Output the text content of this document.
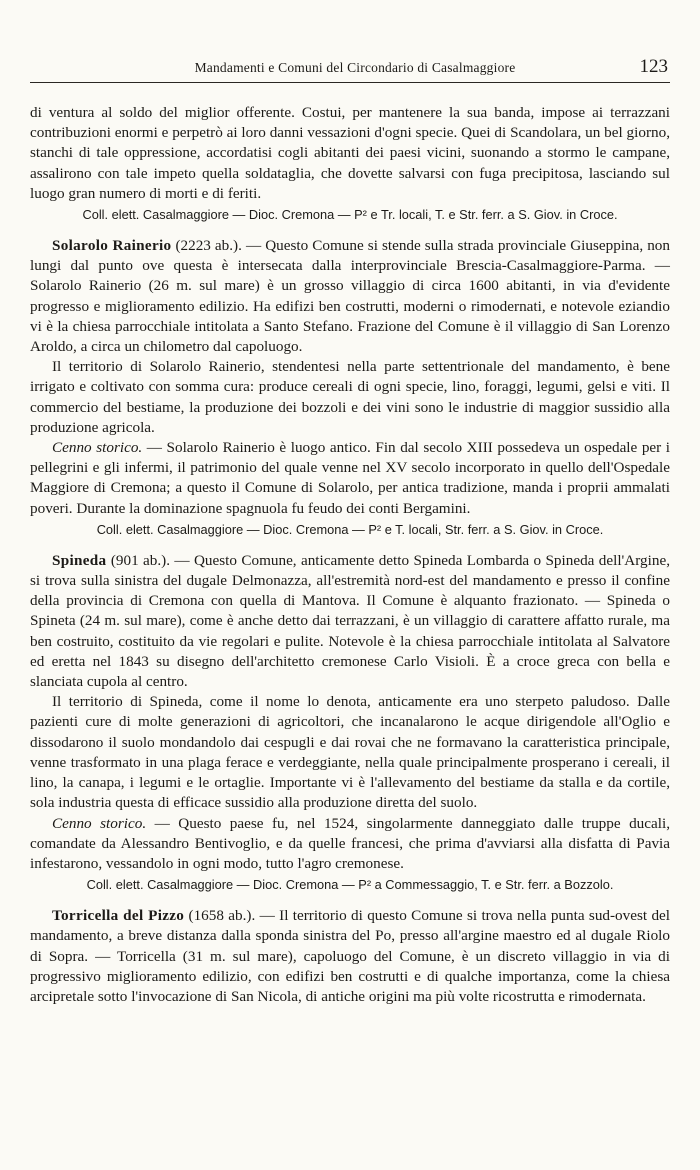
Mandamenti e Comuni del Circondario di Casalmaggiore	123

di ventura al soldo del miglior offerente. Costui, per mantenere la sua banda, impose ai terrazzani contribuzioni enormi e perpetrò ai loro danni vessazioni d'ogni specie. Quei di Scandolara, un bel giorno, stanchi di tale oppressione, accordatisi cogli abitanti dei paesi vicini, suonando a stormo le campane, assalirono con tale impeto quella soldataglia, che dovette salvarsi con fuga precipitosa, lasciando sul luogo gran numero di morti e di feriti.

Coll. elett. Casalmaggiore — Dioc. Cremona — P² e Tr. locali, T. e Str. ferr. a S. Giov. in Croce.

Solarolo Rainerio (2223 ab.). — Questo Comune si stende sulla strada provinciale Giuseppina, non lungi dal punto ove questa è intersecata dalla interprovinciale Brescia-Casalmaggiore-Parma. — Solarolo Rainerio (26 m. sul mare) è un grosso villaggio di circa 1600 abitanti, in via d'evidente progresso e miglioramento edilizio. Ha edifizi ben costrutti, moderni o rimodernati, e notevole eziandio vi è la chiesa parrocchiale intitolata a Santo Stefano. Frazione del Comune è il villaggio di San Lorenzo Aroldo, a circa un chilometro dal capoluogo.

Il territorio di Solarolo Rainerio, stendentesi nella parte settentrionale del mandamento, è bene irrigato e coltivato con somma cura: produce cereali di ogni specie, lino, foraggi, legumi, gelsi e viti. Il commercio del bestiame, la produzione dei bozzoli e dei vini sono le industrie di maggior sussidio alla produzione agricola.

Cenno storico. — Solarolo Rainerio è luogo antico. Fin dal secolo XIII possedeva un ospedale per i pellegrini e gli infermi, il patrimonio del quale venne nel XV secolo incorporato in quello dell'Ospedale Maggiore di Cremona; a questo il Comune di Solarolo, per antica tradizione, manda i proprii ammalati poveri. Durante la dominazione spagnuola fu feudo dei conti Bergamini.

Coll. elett. Casalmaggiore — Dioc. Cremona — P² e T. locali, Str. ferr. a S. Giov. in Croce.

Spineda (901 ab.). — Questo Comune, anticamente detto Spineda Lombarda o Spineda dell'Argine, si trova sulla sinistra del dugale Delmonazza, all'estremità nord-est del mandamento e presso il confine della provincia di Cremona con quella di Mantova. Il Comune è alquanto frazionato. — Spineda o Spineta (24 m. sul mare), come è anche detto dai terrazzani, è un villaggio di carattere affatto rurale, ma ben costruito, costituito da vie regolari e pulite. Notevole è la chiesa parrocchiale intitolata al Salvatore ed eretta nel 1843 su disegno dell'architetto cremonese Carlo Visioli. È a croce greca con bella e slanciata cupola al centro.

Il territorio di Spineda, come il nome lo denota, anticamente era uno sterpeto paludoso. Dalle pazienti cure di molte generazioni di agricoltori, che incanalarono le acque dirigendole all'Oglio e dissodarono il suolo mondandolo dai cespugli e dai rovai che ne formavano la caratteristica principale, venne trasformato in una plaga ferace e verdeggiante, nella quale principalmente prosperano i cereali, il lino, la canapa, i legumi e le ortaglie. Importante vi è l'allevamento del bestiame da stalla e da cortile, sola industria questa di efficace sussidio alla produzione diretta del suolo.

Cenno storico. — Questo paese fu, nel 1524, singolarmente danneggiato dalle truppe ducali, comandate da Alessandro Bentivoglio, e da quelle francesi, che prima d'avviarsi alla disfatta di Pavia infestarono, vessandolo in ogni modo, tutto l'agro cremonese.

Coll. elett. Casalmaggiore — Dioc. Cremona — P² a Commessaggio, T. e Str. ferr. a Bozzolo.

Torricella del Pizzo (1658 ab.). — Il territorio di questo Comune si trova nella punta sud-ovest del mandamento, a breve distanza dalla sponda sinistra del Po, presso all'argine maestro ed al dugale Riolo di Sopra. — Torricella (31 m. sul mare), capoluogo del Comune, è un discreto villaggio in via di progressivo miglioramento edilizio, con edifizi ben costrutti e di qualche importanza, come la chiesa arcipretale sotto l'invocazione di San Nicola, di antiche origini ma più volte ricostrutta e rimodernata.
